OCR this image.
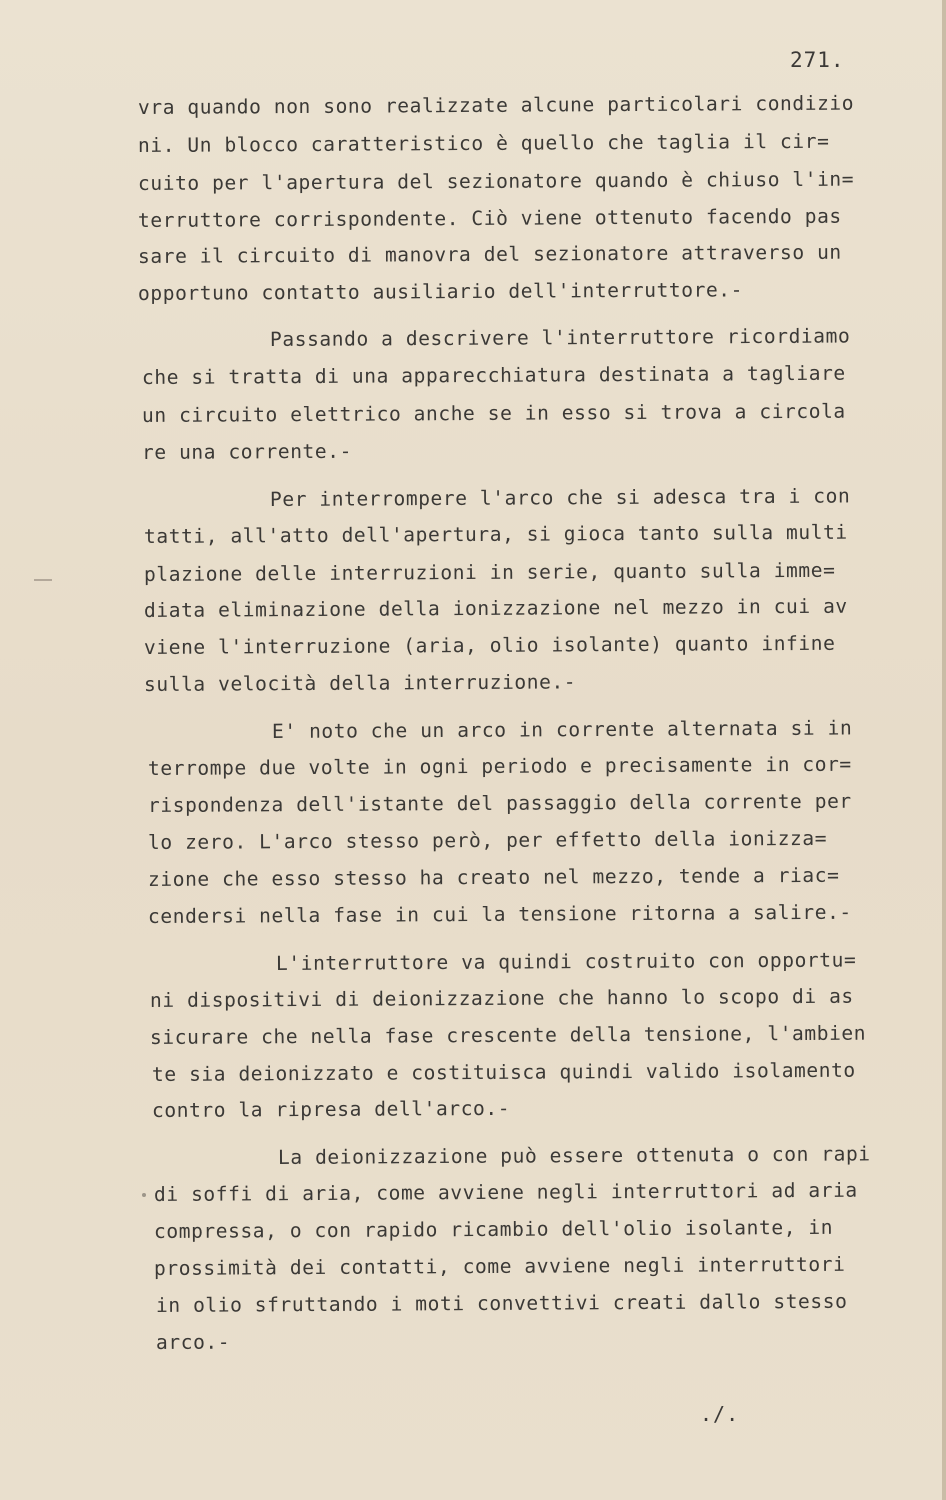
271.
vra quando non sono realizzate alcune particolari condizio
ni. Un blocco caratteristico è quello che taglia il cir=
cuito per l'apertura del sezionatore quando è chiuso l'in=
terruttore corrispondente. Ciò viene ottenuto facendo pas
sare il circuito di manovra del sezionatore attraverso un
opportuno contatto ausiliario dell'interruttore.-
Passando a descrivere l'interruttore ricordiamo
che si tratta di una apparecchiatura destinata a tagliare
un circuito elettrico anche se in esso si trova a circola
re una corrente.-
Per interrompere l'arco che si adesca tra i con
tatti, all'atto dell'apertura, si gioca tanto sulla multi
plazione delle interruzioni in serie, quanto sulla imme=
diata eliminazione della ionizzazione nel mezzo in cui av
viene l'interruzione (aria, olio isolante) quanto infine
sulla velocità della interruzione.-
E' noto che un arco in corrente alternata si in
terrompe due volte in ogni periodo e precisamente in cor=
rispondenza dell'istante del passaggio della corrente per
lo zero. L'arco stesso però, per effetto della ionizza=
zione che esso stesso ha creato nel mezzo, tende a riac=
cendersi nella fase in cui la tensione ritorna a salire.-
L'interruttore va quindi costruito con opportu=
ni dispositivi di deionizzazione che hanno lo scopo di as
sicurare che nella fase crescente della tensione, l'ambien
te sia deionizzato e costituisca quindi valido isolamento
contro la ripresa dell'arco.-
La deionizzazione può essere ottenuta o con rapi
di soffi di aria, come avviene negli interruttori ad aria
compressa, o con rapido ricambio dell'olio isolante, in
prossimità dei contatti, come avviene negli interruttori
in olio sfruttando i moti convettivi creati dallo stesso
arco.-
./.
